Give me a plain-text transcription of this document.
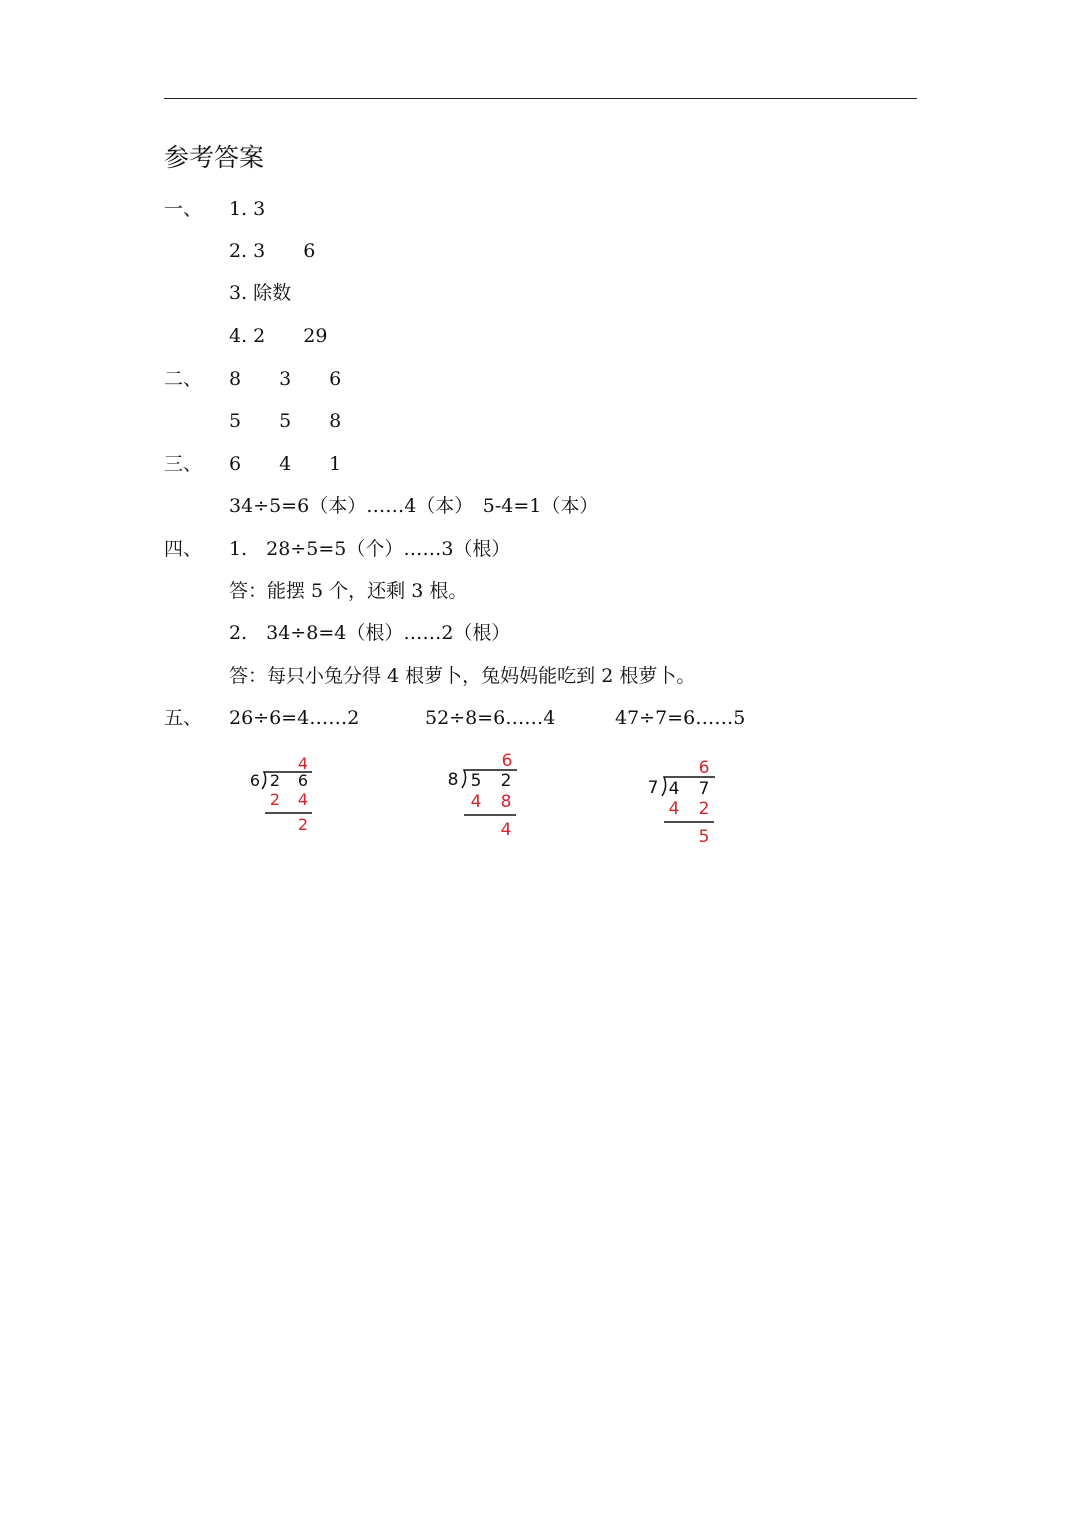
参考答案
一、 1. 3
2. 3　　6
3. 除数
4. 2　　29
二、 8　　3　　6
5　　5　　8
三、 6　　4　　1
34÷5=6（本）……4（本）　5-4=1（本）
四、 1.　28÷5=5（个）……3（根）
答：能摆 5 个，还剩 3 根。
2.　34÷8=4（根）……2（根）
答：每只小兔分得 4 根萝卜，兔妈妈能吃到 2 根萝卜。
五、 26÷6=4……2	52÷8=6……4	47÷7=6……5
4
6 2 6
2 4
2
6
8 5 2
4 8
4
6
7 4 7
4 2
5
